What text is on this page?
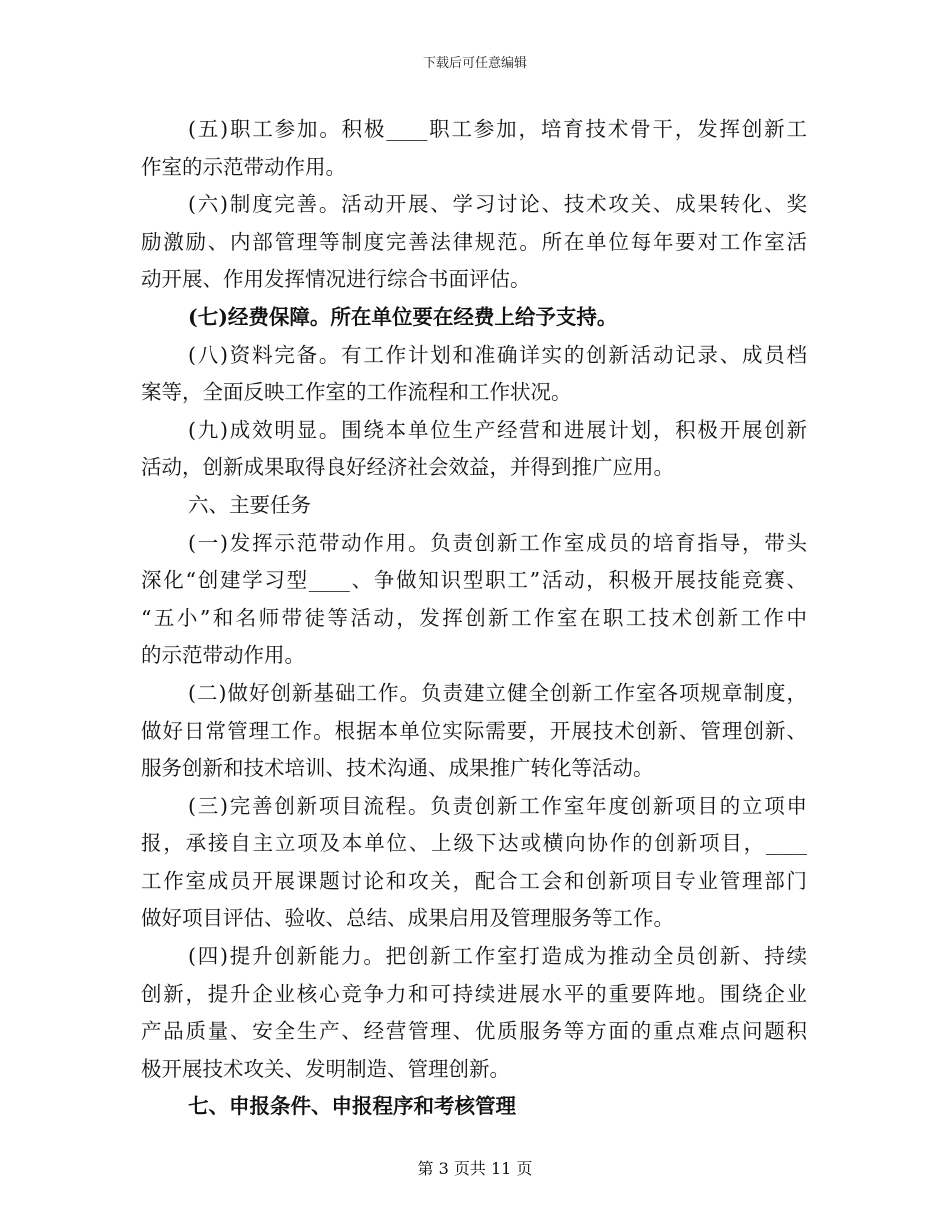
下载后可任意编辑
(五)职工参加。积极____职工参加，培育技术骨干，发挥创新工
作室的示范带动作用。
(六)制度完善。活动开展、学习讨论、技术攻关、成果转化、奖
励激励、内部管理等制度完善法律规范。所在单位每年要对工作室活
动开展、作用发挥情况进行综合书面评估。
(七)经费保障。所在单位要在经费上给予支持。
(八)资料完备。有工作计划和准确详实的创新活动记录、成员档
案等，全面反映工作室的工作流程和工作状况。
(九)成效明显。围绕本单位生产经营和进展计划，积极开展创新
活动，创新成果取得良好经济社会效益，并得到推广应用。
六、主要任务
(一)发挥示范带动作用。负责创新工作室成员的培育指导，带头
深化“创建学习型____、争做知识型职工”活动，积极开展技能竞赛、
“五小”和名师带徒等活动，发挥创新工作室在职工技术创新工作中
的示范带动作用。
(二)做好创新基础工作。负责建立健全创新工作室各项规章制度，
做好日常管理工作。根据本单位实际需要，开展技术创新、管理创新、
服务创新和技术培训、技术沟通、成果推广转化等活动。
(三)完善创新项目流程。负责创新工作室年度创新项目的立项申
报，承接自主立项及本单位、上级下达或横向协作的创新项目，____
工作室成员开展课题讨论和攻关，配合工会和创新项目专业管理部门
做好项目评估、验收、总结、成果启用及管理服务等工作。
(四)提升创新能力。把创新工作室打造成为推动全员创新、持续
创新，提升企业核心竞争力和可持续进展水平的重要阵地。围绕企业
产品质量、安全生产、经营管理、优质服务等方面的重点难点问题积
极开展技术攻关、发明制造、管理创新。
七、申报条件、申报程序和考核管理
第 3 页共 11 页
